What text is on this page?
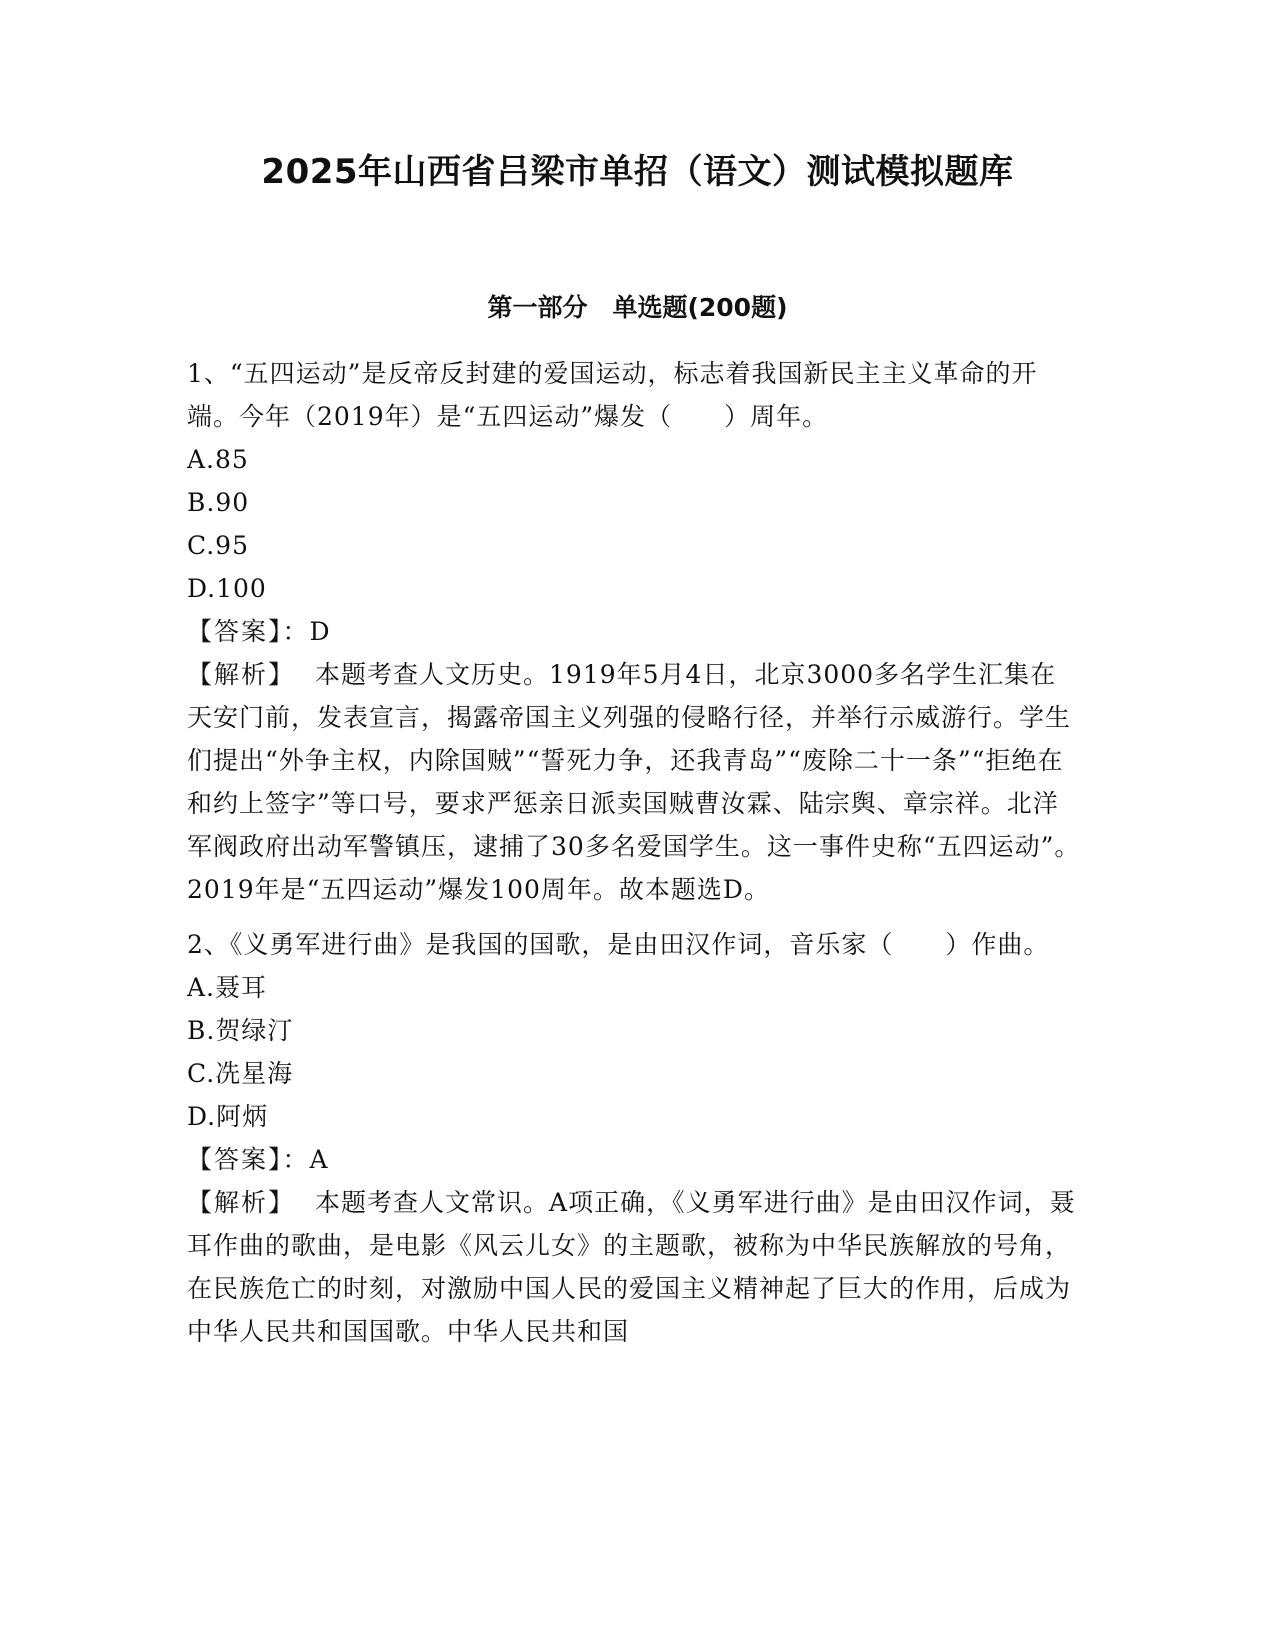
2025年山西省吕梁市单招（语文）测试模拟题库
第一部分　单选题(200题)

1、“五四运动”是反帝反封建的爱国运动，标志着我国新民主主义革命的开端。今年（2019年）是“五四运动”爆发（　　）周年。

A.85

B.90

C.95

D.100

【答案】：D

【解析】 本题考查人文历史。1919年5月4日，北京3000多名学生汇集在天安门前，发表宣言，揭露帝国主义列强的侵略行径，并举行示威游行。学生们提出“外争主权，内除国贼”“誓死力争，还我青岛”“废除二十一条”“拒绝在和约上签字”等口号，要求严惩亲日派卖国贼曹汝霖、陆宗舆、章宗祥。北洋军阀政府出动军警镇压，逮捕了30多名爱国学生。这一事件史称“五四运动”。2019年是“五四运动”爆发100周年。故本题选D。

2、《义勇军进行曲》是我国的国歌，是由田汉作词，音乐家（　　）作曲。

A.聂耳

B.贺绿汀

C.冼星海

D.阿炳

【答案】：A

【解析】 本题考查人文常识。A项正确，《义勇军进行曲》是由田汉作词，聂耳作曲的歌曲，是电影《风云儿女》的主题歌，被称为中华民族解放的号角，在民族危亡的时刻，对激励中国人民的爱国主义精神起了巨大的作用，后成为中华人民共和国国歌。中华人民共和国
